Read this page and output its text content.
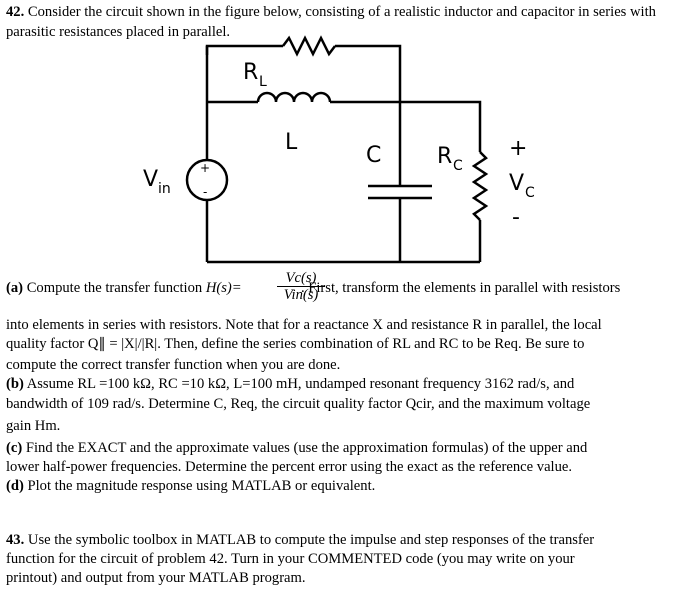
42. Consider the circuit shown in the figure below, consisting of a realistic inductor and capacitor in series with parasitic resistances placed in parallel.
+
-
R L
L
C	R C
V in
+
V C
-
(a) Compute the transfer function H(s)=	. First, transform the elements in parallel with resistors
Vc(s)
Vin(s)
into elements in series with resistors. Note that for a reactance X and resistance R in parallel, the local
quality factor Q∥ = |X|/|R|. Then, define the series combination of RL and RC to be Req. Be sure to
compute the correct transfer function when you are done.
(b) Assume RL =100 kΩ, RC =10 kΩ, L=100 mH, undamped resonant frequency 3162 rad/s, and
bandwidth of 109 rad/s. Determine C, Req, the circuit quality factor Qcir, and the maximum voltage
gain Hm.
(c) Find the EXACT and the approximate values (use the approximation formulas) of the upper and
lower half-power frequencies. Determine the percent error using the exact as the reference value.
(d) Plot the magnitude response using MATLAB or equivalent.
43. Use the symbolic toolbox in MATLAB to compute the impulse and step responses of the transfer
function for the circuit of problem 42. Turn in your COMMENTED code (you may write on your
printout) and output from your MATLAB program.
